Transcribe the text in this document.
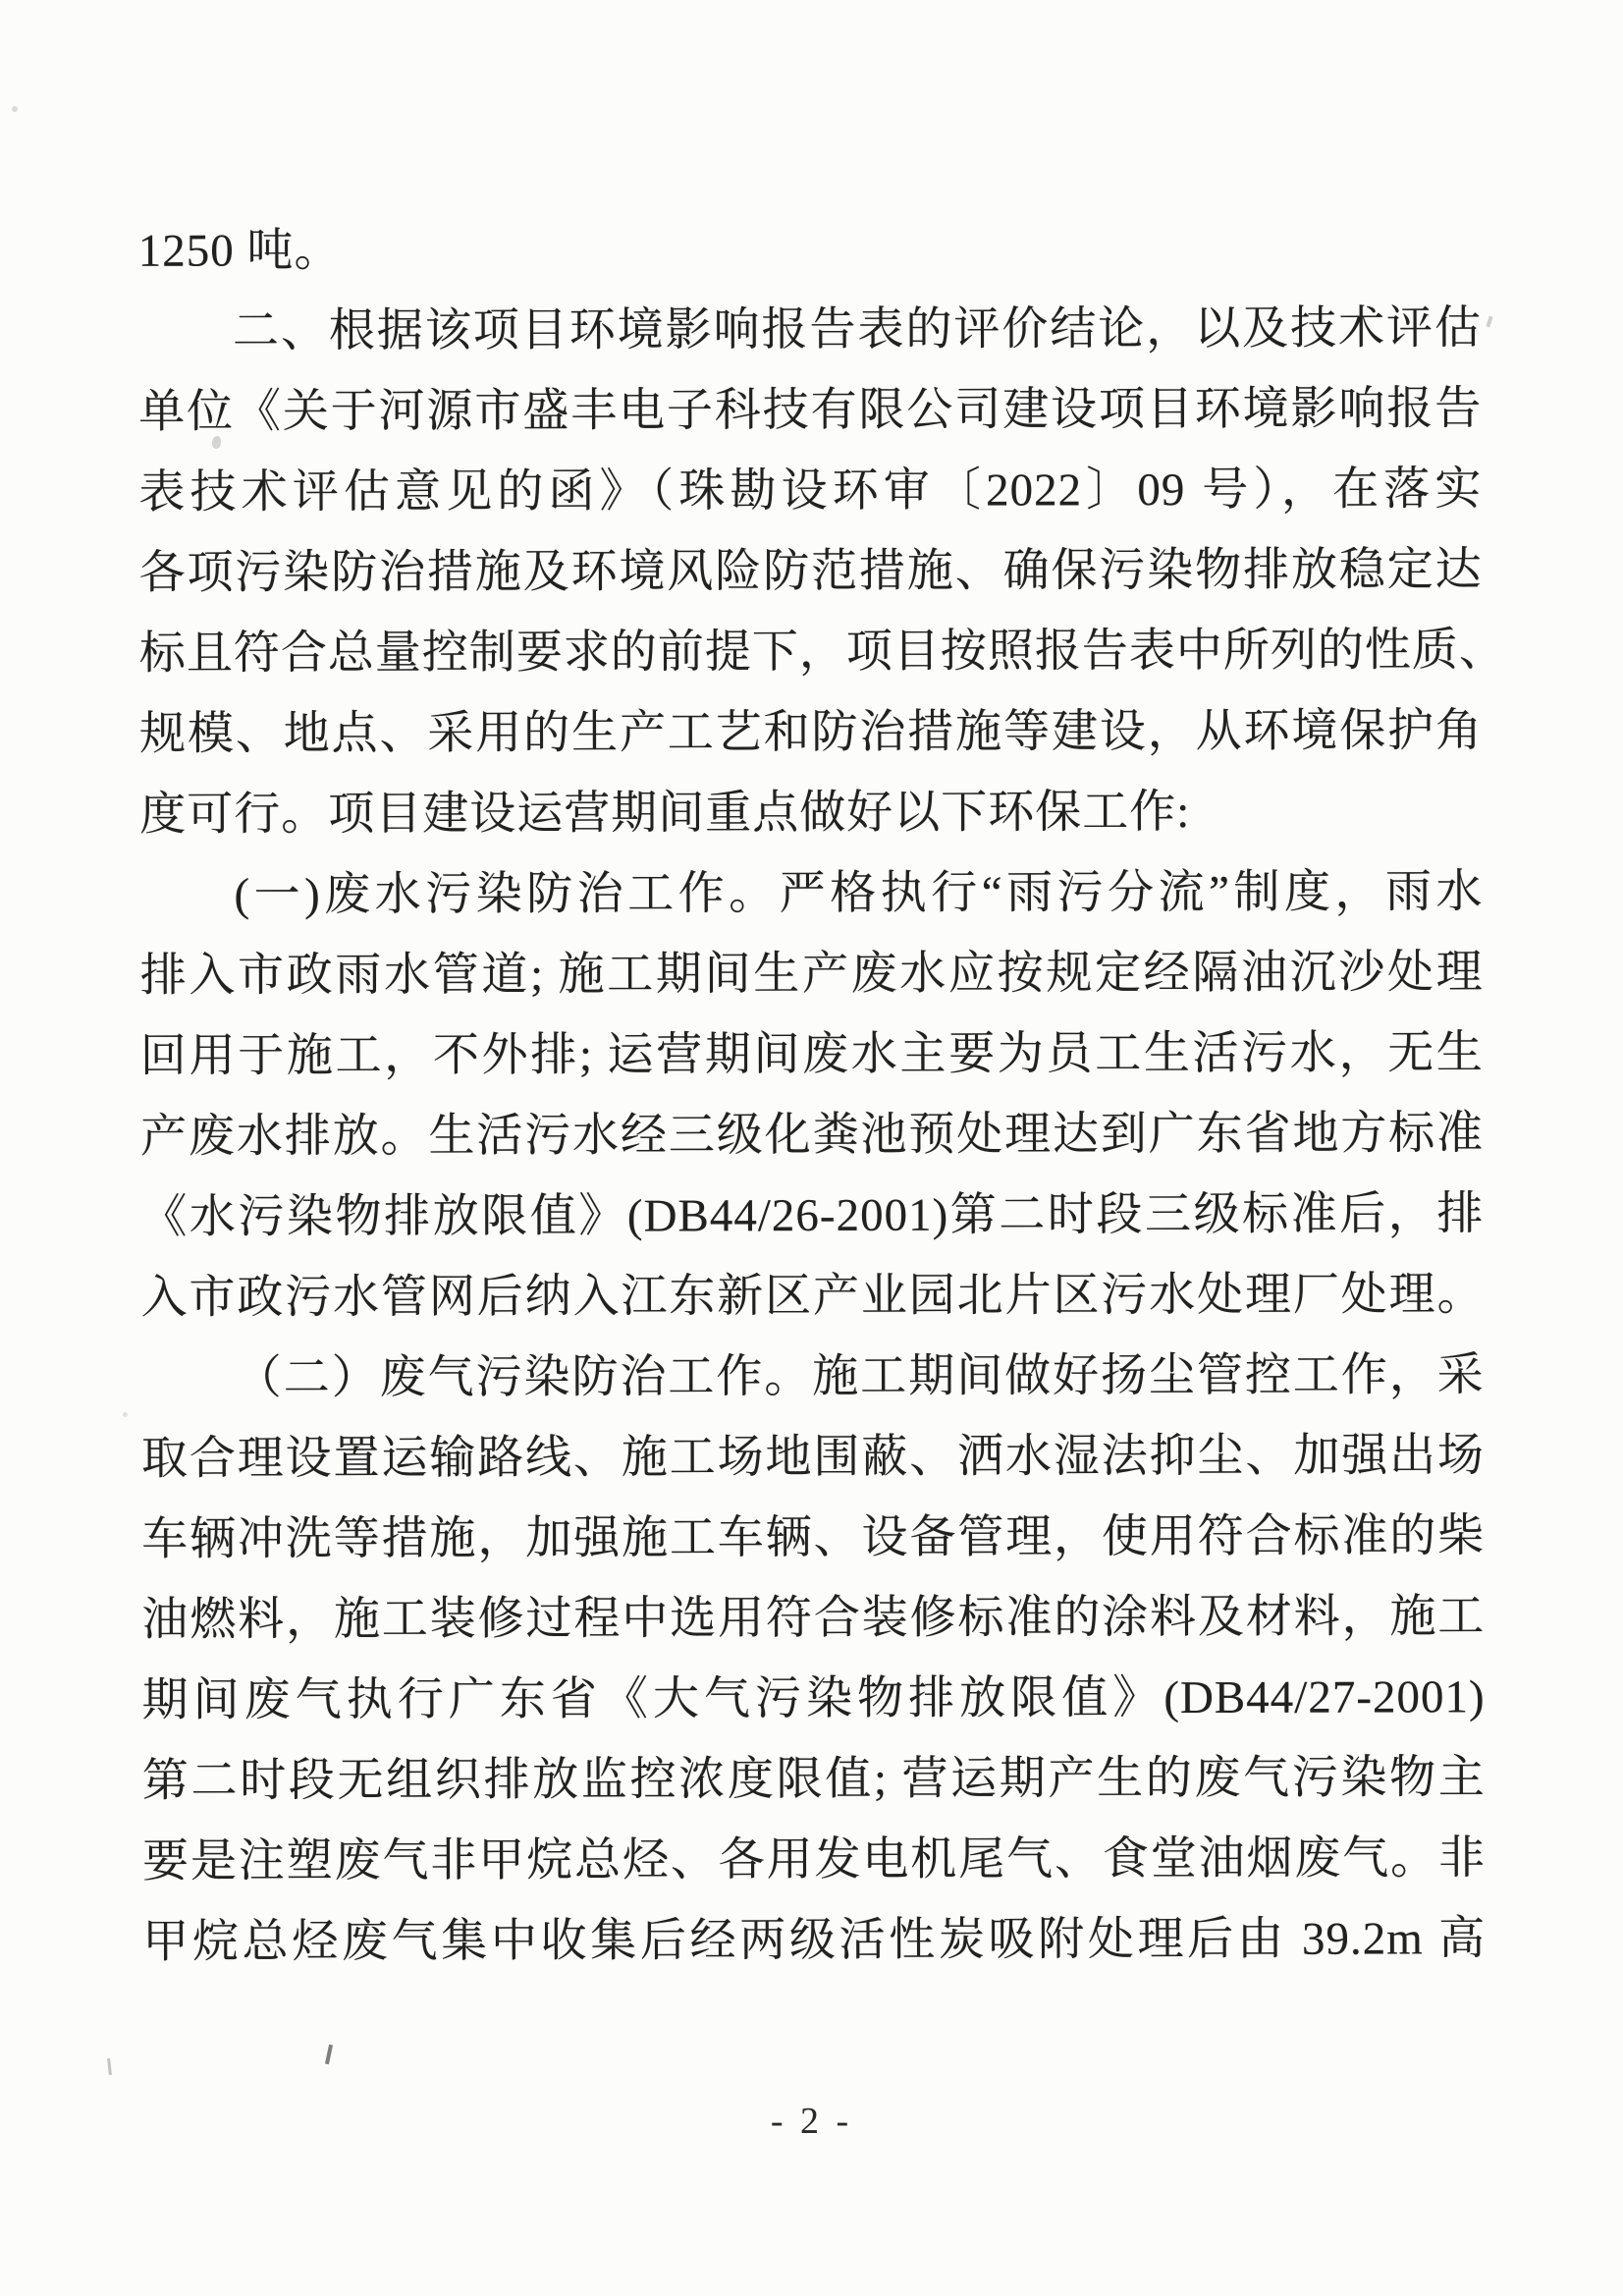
1250 吨。
二、根据该项目环境影响报告表的评价结论，以及技术评估
单位《关于河源市盛丰电子科技有限公司建设项目环境影响报告
表技术评估意见的函》（珠勘设环审〔2022〕09 号），在落实
各项污染防治措施及环境风险防范措施、确保污染物排放稳定达
标且符合总量控制要求的前提下，项目按照报告表中所列的性质、
规模、地点、采用的生产工艺和防治措施等建设，从环境保护角
度可行。项目建设运营期间重点做好以下环保工作:
(一)废水污染防治工作。严格执行“雨污分流”制度，雨水
排入市政雨水管道; 施工期间生产废水应按规定经隔油沉沙处理
回用于施工，不外排; 运营期间废水主要为员工生活污水，无生
产废水排放。生活污水经三级化粪池预处理达到广东省地方标准
《水污染物排放限值》(DB44/26-2001)第二时段三级标准后，排
入市政污水管网后纳入江东新区产业园北片区污水处理厂处理。
（二）废气污染防治工作。施工期间做好扬尘管控工作，采
取合理设置运输路线、施工场地围蔽、洒水湿法抑尘、加强出场
车辆冲洗等措施，加强施工车辆、设备管理，使用符合标准的柴
油燃料，施工装修过程中选用符合装修标准的涂料及材料，施工
期间废气执行广东省《大气污染物排放限值》(DB44/27-2001)
第二时段无组织排放监控浓度限值; 营运期产生的废气污染物主
要是注塑废气非甲烷总烃、各用发电机尾气、食堂油烟废气。非
甲烷总烃废气集中收集后经两级活性炭吸附处理后由 39.2m 高
- 2 -
